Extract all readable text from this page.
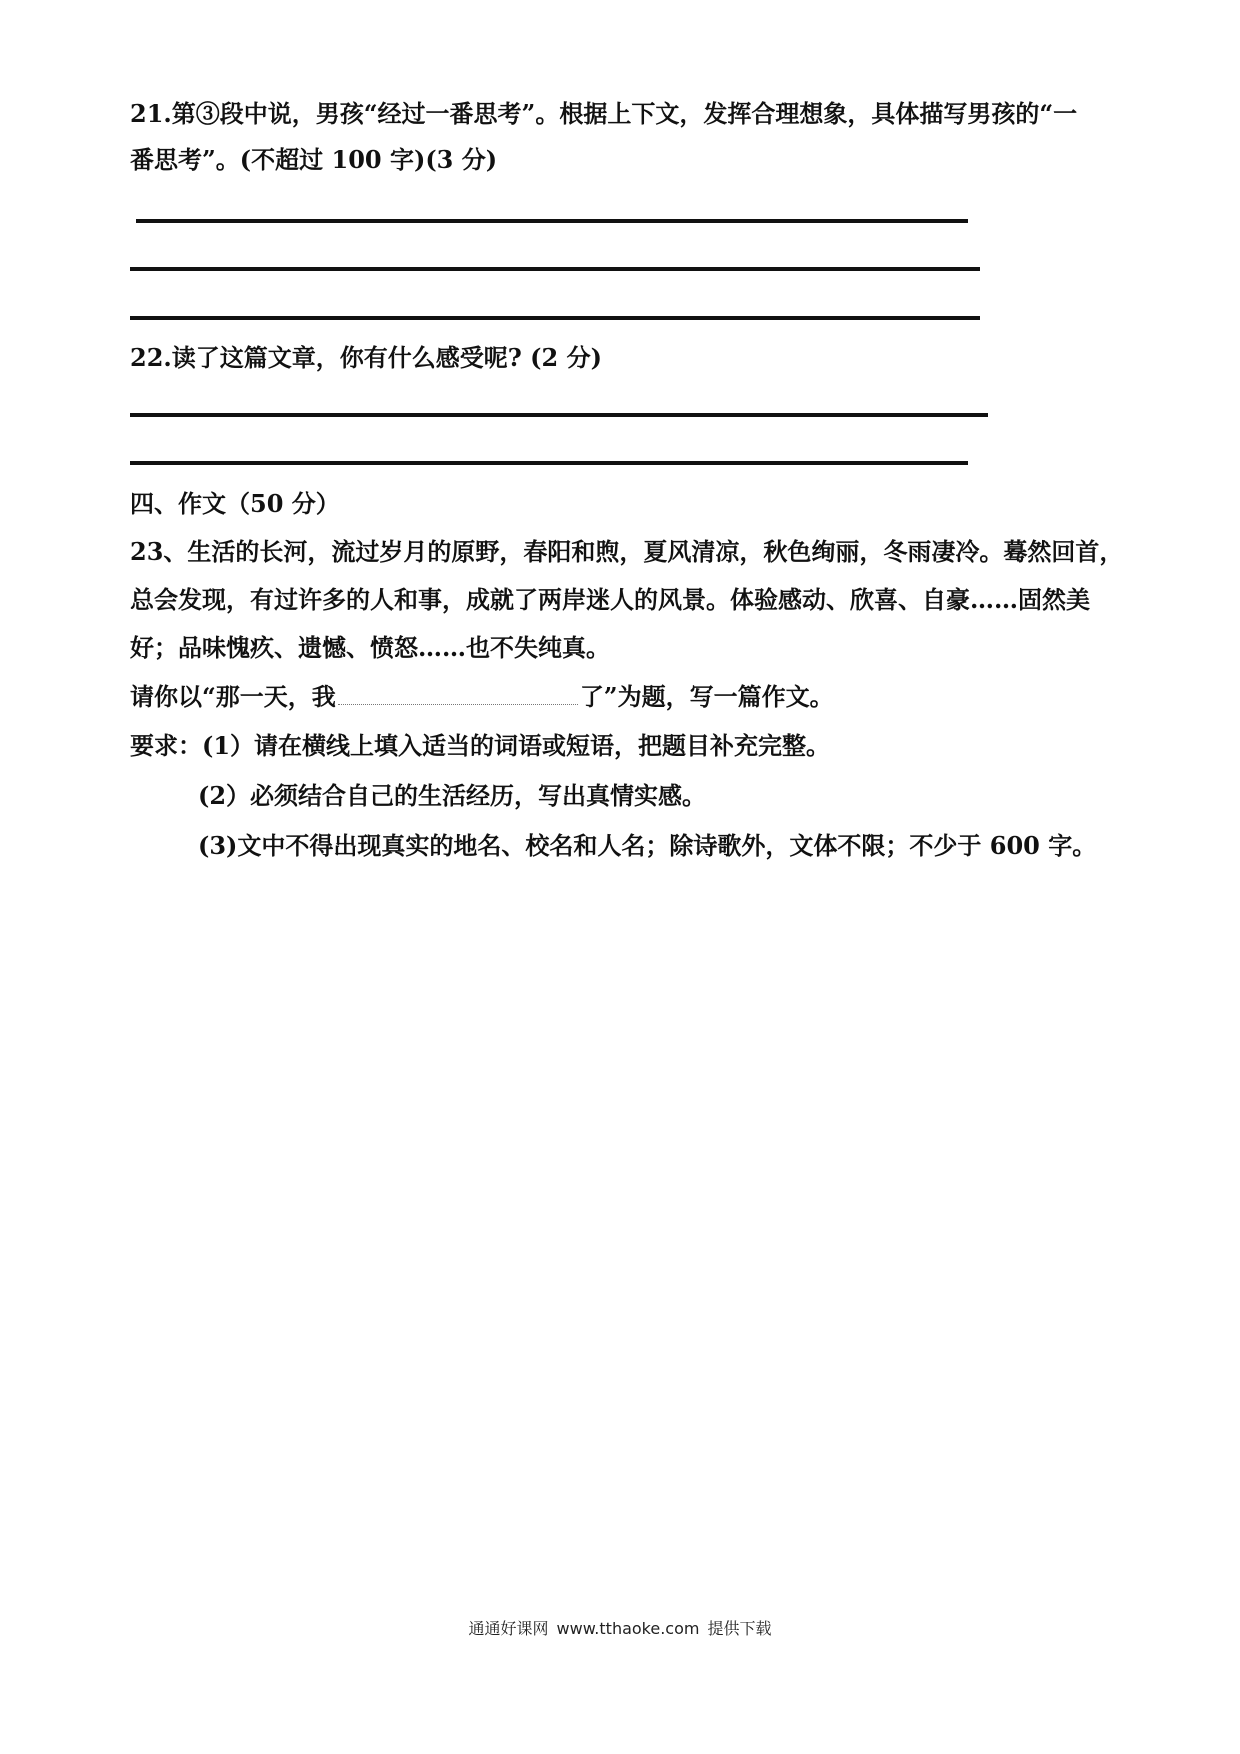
21.第③段中说，男孩“经过一番思考”。根据上下文，发挥合理想象，具体描写男孩的“一
番思考”。(不超过 100 字)(3 分)
22.读了这篇文章，你有什么感受呢? (2 分)
四、作文（50 分）
23、生活的长河，流过岁月的原野，春阳和煦，夏风清凉，秋色绚丽，冬雨凄冷。蓦然回首，
总会发现，有过许多的人和事，成就了两岸迷人的风景。体验感动、欣喜、自豪……固然美
好；品味愧疚、遗憾、愤怒……也不失纯真。
请你以“那一天，我	了”为题，写一篇作文。
要求：(1）请在横线上填入适当的词语或短语，把题目补充完整。
(2）必须结合自己的生活经历，写出真情实感。
(3)文中不得出现真实的地名、校名和人名；除诗歌外，文体不限；不少于 600 字。
通通好课网 www.tthaoke.com 提供下载
